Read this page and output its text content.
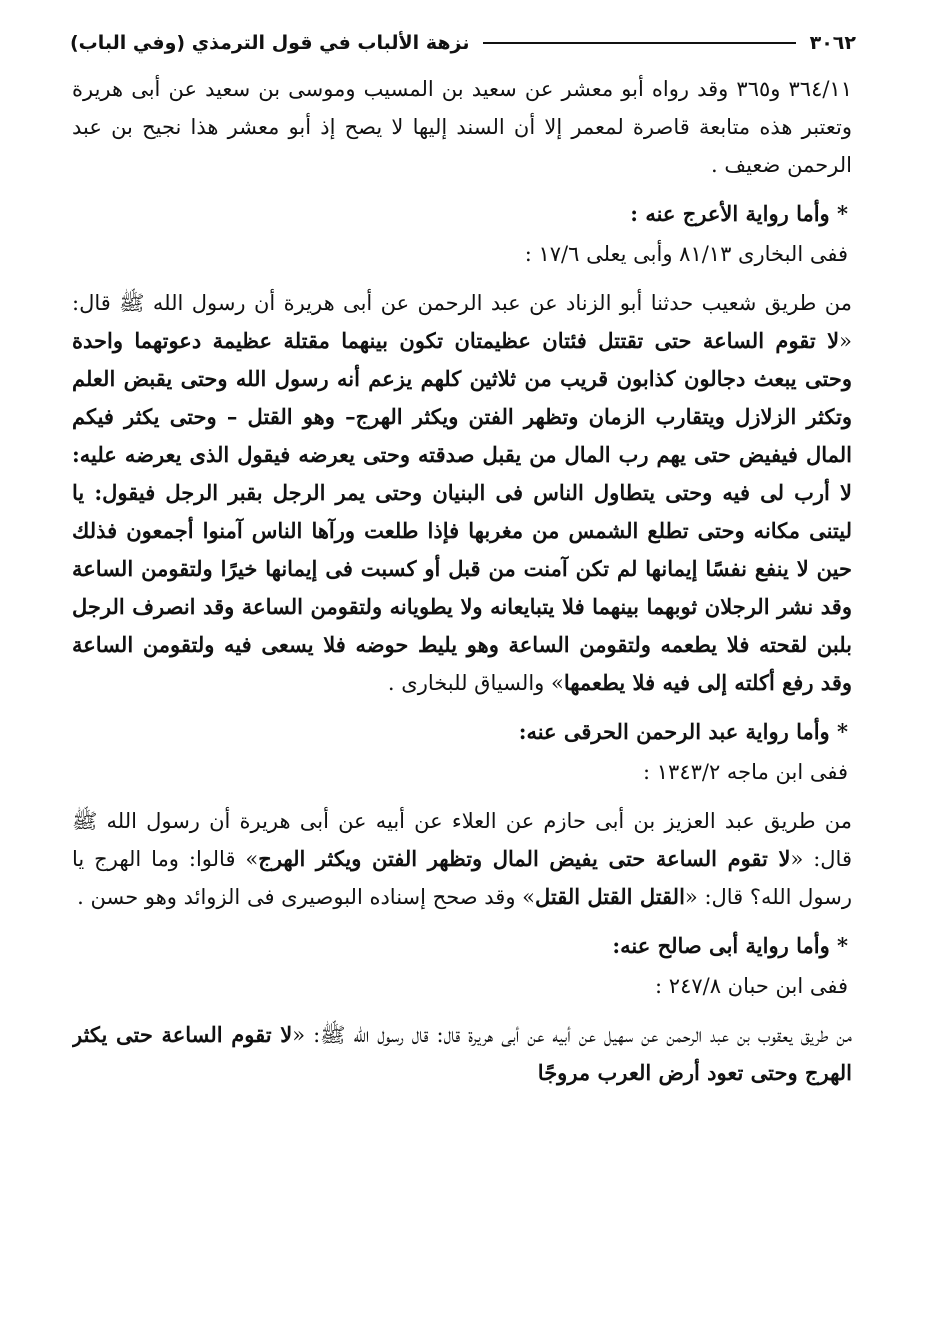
٣٠٦٢
نزهة الألباب في قول الترمذي (وفي الباب)

٣٦٤/١١ و٣٦٥ وقد رواه أبو معشر عن سعيد بن المسيب وموسى بن سعيد عن أبى هريرة وتعتبر هذه متابعة قاصرة لمعمر إلا أن السند إليها لا يصح إذ أبو معشر هذا نجيح بن عبد الرحمن ضعيف .

* وأما رواية الأعرج عنه :

ففى البخارى ٨١/١٣ وأبى يعلى ١٧/٦ :

من طريق شعيب حدثنا أبو الزناد عن عبد الرحمن عن أبى هريرة أن رسول الله ﷺ قال: «لا تقوم الساعة حتى تقتتل فئتان عظيمتان تكون بينهما مقتلة عظيمة دعوتهما واحدة وحتى يبعث دجالون كذابون قريب من ثلاثين كلهم يزعم أنه رسول الله وحتى يقبض العلم وتكثر الزلازل ويتقارب الزمان وتظهر الفتن ويكثر الهرج– وهو القتل – وحتى يكثر فيكم المال فيفيض حتى يهم رب المال من يقبل صدقته وحتى يعرضه فيقول الذى يعرضه عليه: لا أرب لى فيه وحتى يتطاول الناس فى البنيان وحتى يمر الرجل بقبر الرجل فيقول: يا ليتنى مكانه وحتى تطلع الشمس من مغربها فإذا طلعت ورآها الناس آمنوا أجمعون فذلك حين لا ينفع نفسًا إيمانها لم تكن آمنت من قبل أو كسبت فى إيمانها خيرًا ولتقومن الساعة وقد نشر الرجلان ثوبهما بينهما فلا يتبايعانه ولا يطويانه ولتقومن الساعة وقد انصرف الرجل بلبن لقحته فلا يطعمه ولتقومن الساعة وهو يليط حوضه فلا يسعى فيه ولتقومن الساعة وقد رفع أكلته إلى فيه فلا يطعمها» والسياق للبخارى .

* وأما رواية عبد الرحمن الحرقى عنه:

ففى ابن ماجه ١٣٤٣/٢ :

من طريق عبد العزيز بن أبى حازم عن العلاء عن أبيه عن أبى هريرة أن رسول الله ﷺ قال: «لا تقوم الساعة حتى يفيض المال وتظهر الفتن ويكثر الهرج» قالوا: وما الهرج يا رسول الله؟ قال: «القتل القتل القتل» وقد صحح إسناده البوصيرى فى الزوائد وهو حسن .

* وأما رواية أبى صالح عنه:

ففى ابن حبان ٢٤٧/٨ :

من طريق يعقوب بن عبد الرحمن عن سهيل عن أبيه عن أبى هريرة قال: قال رسول الله ﷺ: «لا تقوم الساعة حتى يكثر الهرج وحتى تعود أرض العرب مروجًا
